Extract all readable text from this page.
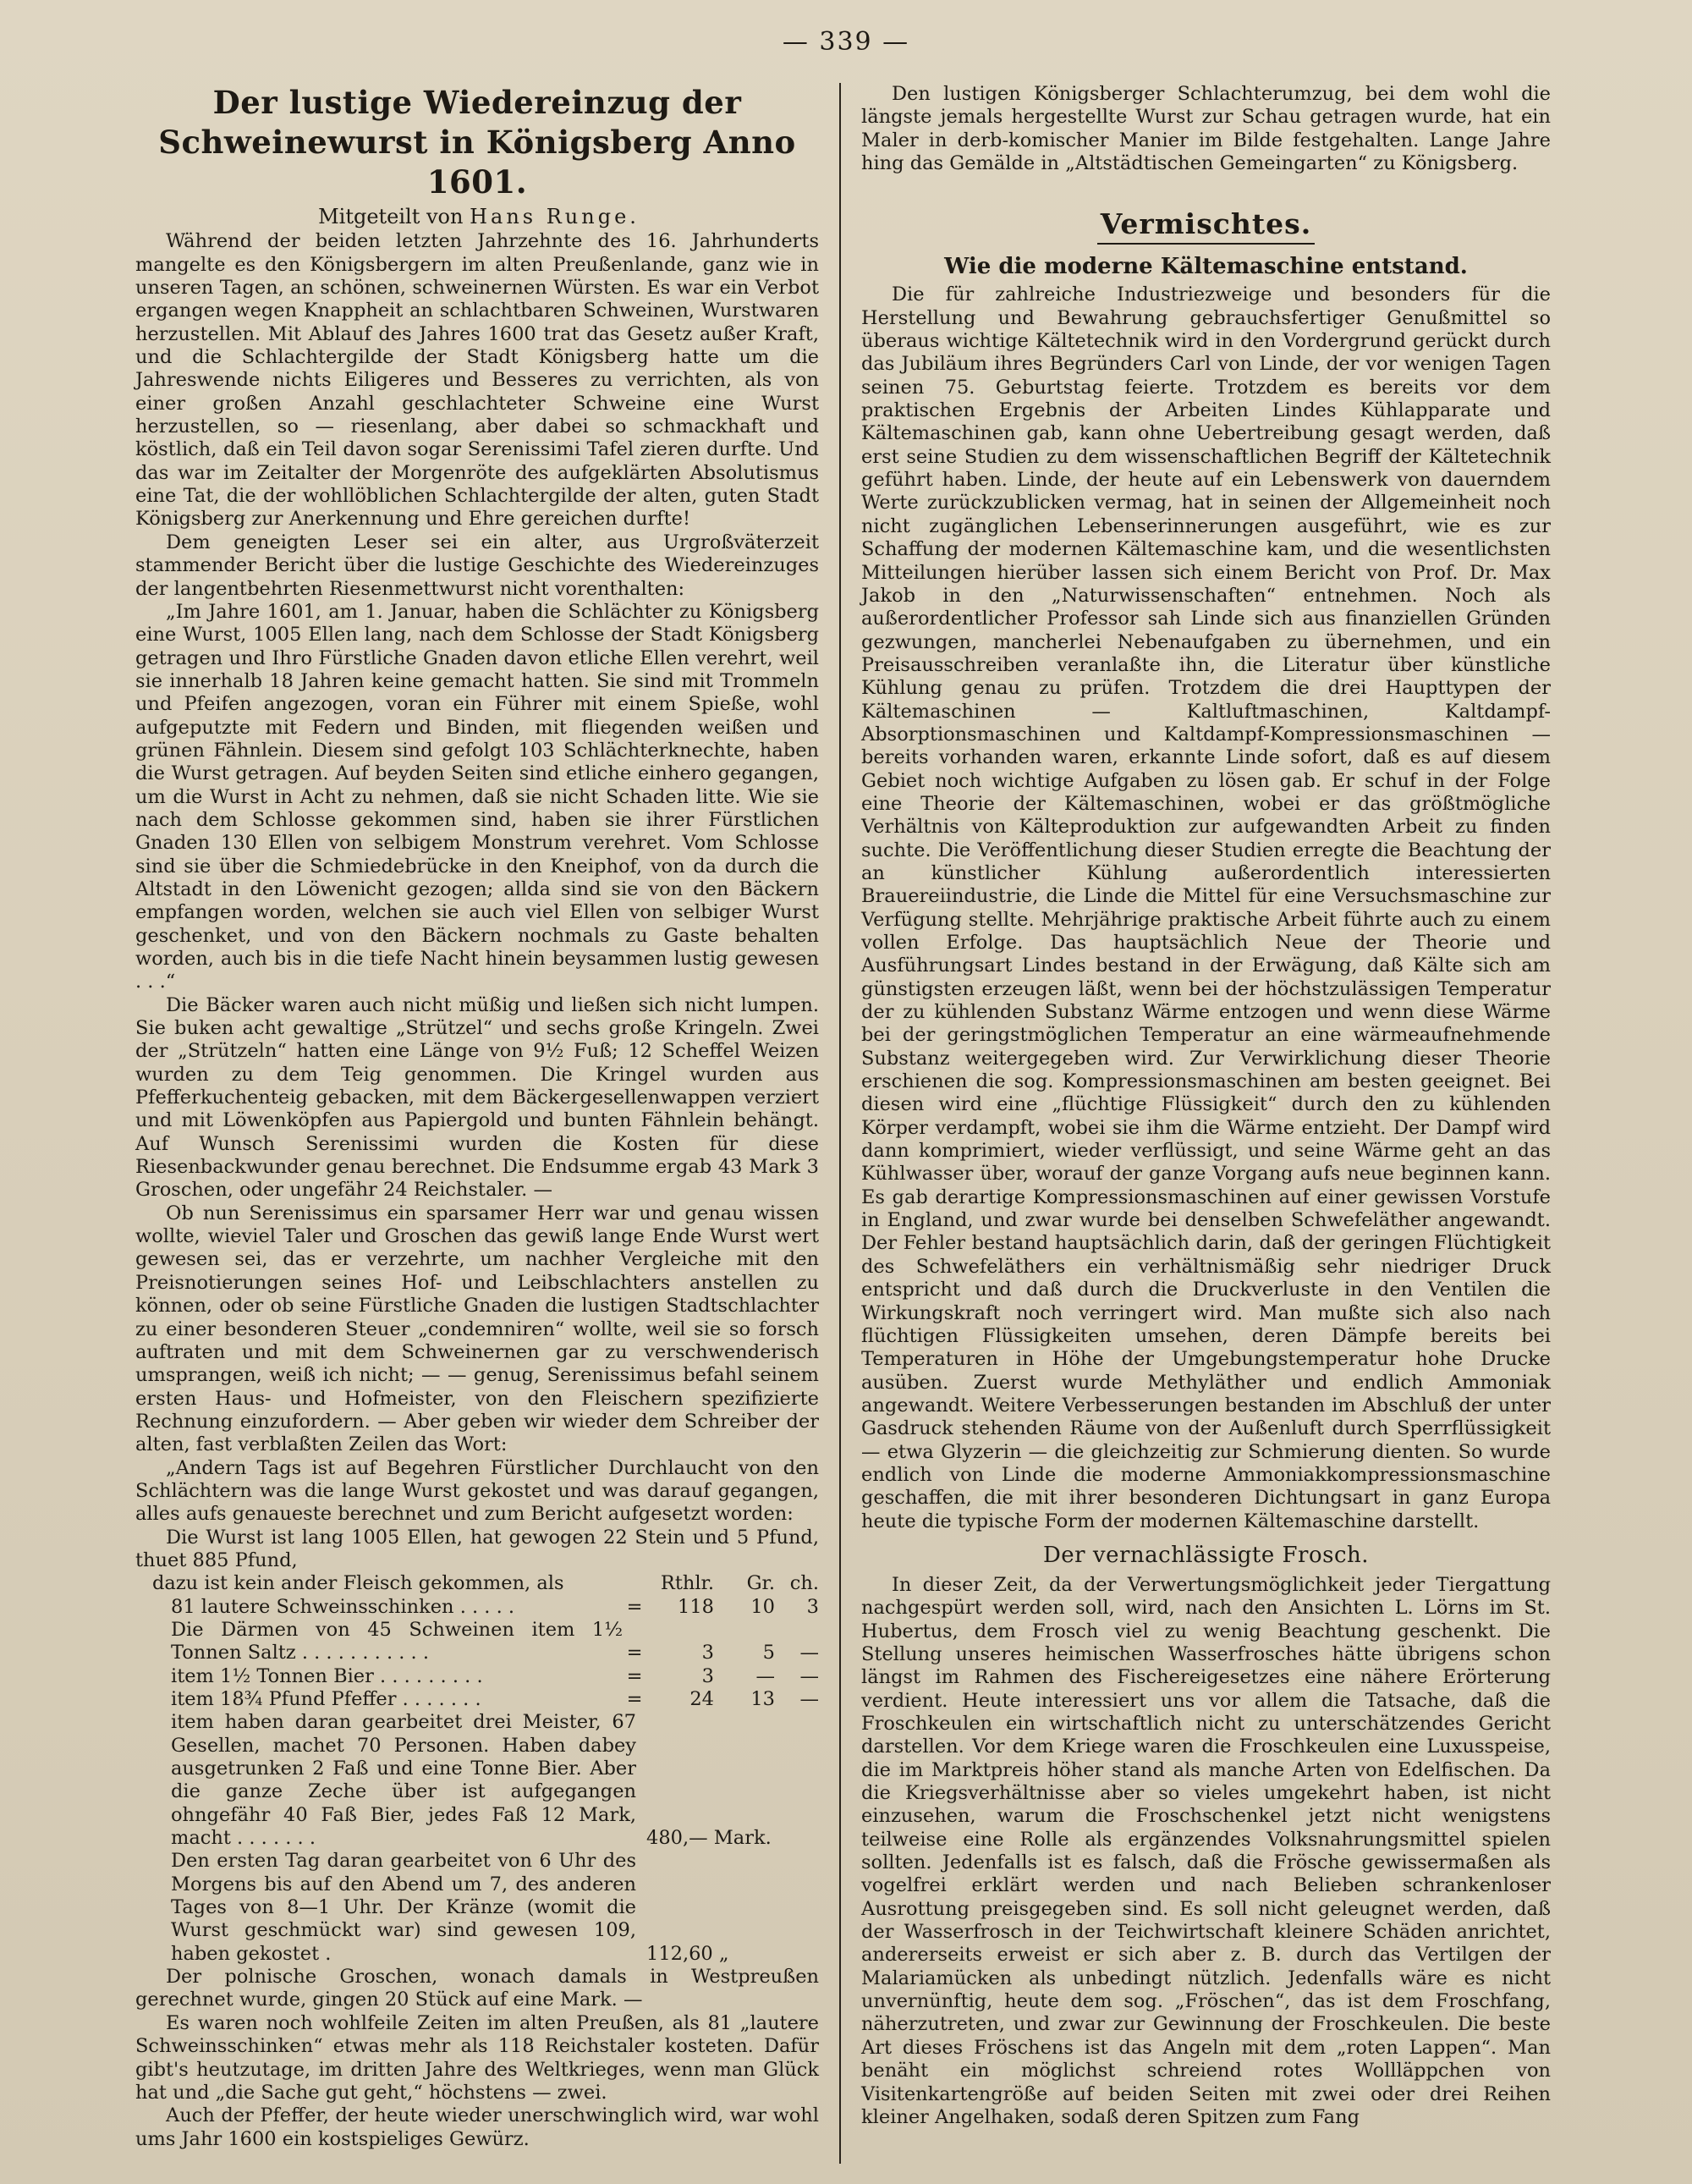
— 339 —
Der lustige Wiedereinzug der Schweinewurst in Königsberg Anno 1601.
Mitgeteilt von Hans Runge.

Während der beiden letzten Jahrzehnte des 16. Jahrhunderts mangelte es den Königsbergern im alten Preußenlande, ganz wie in unseren Tagen, an schönen, schweinernen Würsten. Es war ein Verbot ergangen wegen Knappheit an schlachtbaren Schweinen, Wurstwaren herzustellen. Mit Ablauf des Jahres 1600 trat das Gesetz außer Kraft, und die Schlachtergilde der Stadt Königsberg hatte um die Jahreswende nichts Eiligeres und Besseres zu verrichten, als von einer großen Anzahl geschlachteter Schweine eine Wurst herzustellen, so — riesenlang, aber dabei so schmackhaft und köstlich, daß ein Teil davon sogar Serenissimi Tafel zieren durfte. Und das war im Zeitalter der Morgenröte des aufgeklärten Absolutismus eine Tat, die der wohllöblichen Schlachtergilde der alten, guten Stadt Königsberg zur Anerkennung und Ehre gereichen durfte!

Dem geneigten Leser sei ein alter, aus Urgroßväterzeit stammender Bericht über die lustige Geschichte des Wiedereinzuges der langentbehrten Riesenmettwurst nicht vorenthalten:

„Im Jahre 1601, am 1. Januar, haben die Schlächter zu Königsberg eine Wurst, 1005 Ellen lang, nach dem Schlosse der Stadt Königsberg getragen und Ihro Fürstliche Gnaden davon etliche Ellen verehrt, weil sie innerhalb 18 Jahren keine gemacht hatten. Sie sind mit Trommeln und Pfeifen angezogen, voran ein Führer mit einem Spieße, wohl aufgeputzte mit Federn und Binden, mit fliegenden weißen und grünen Fähnlein. Diesem sind gefolgt 103 Schlächterknechte, haben die Wurst getragen. Auf beyden Seiten sind etliche einhero gegangen, um die Wurst in Acht zu nehmen, daß sie nicht Schaden litte. Wie sie nach dem Schlosse gekommen sind, haben sie ihrer Fürstlichen Gnaden 130 Ellen von selbigem Monstrum verehret. Vom Schlosse sind sie über die Schmiedebrücke in den Kneiphof, von da durch die Altstadt in den Löwenicht gezogen; allda sind sie von den Bäckern empfangen worden, welchen sie auch viel Ellen von selbiger Wurst geschenket, und von den Bäckern nochmals zu Gaste behalten worden, auch bis in die tiefe Nacht hinein beysammen lustig gewesen . . .“

Die Bäcker waren auch nicht müßig und ließen sich nicht lumpen. Sie buken acht gewaltige „Strützel“ und sechs große Kringeln. Zwei der „Strützeln“ hatten eine Länge von 9½ Fuß; 12 Scheffel Weizen wurden zu dem Teig genommen. Die Kringel wurden aus Pfefferkuchenteig gebacken, mit dem Bäckergesellenwappen verziert und mit Löwenköpfen aus Papiergold und bunten Fähnlein behängt. Auf Wunsch Serenissimi wurden die Kosten für diese Riesenbackwunder genau berechnet. Die Endsumme ergab 43 Mark 3 Groschen, oder ungefähr 24 Reichstaler. —

Ob nun Serenissimus ein sparsamer Herr war und genau wissen wollte, wieviel Taler und Groschen das gewiß lange Ende Wurst wert gewesen sei, das er verzehrte, um nachher Vergleiche mit den Preisnotierungen seines Hof- und Leibschlachters anstellen zu können, oder ob seine Fürstliche Gnaden die lustigen Stadtschlachter zu einer besonderen Steuer „condemniren“ wollte, weil sie so forsch auftraten und mit dem Schweinernen gar zu verschwenderisch umsprangen, weiß ich nicht; — — genug, Serenissimus befahl seinem ersten Haus- und Hofmeister, von den Fleischern spezifizierte Rechnung einzufordern. — Aber geben wir wieder dem Schreiber der alten, fast verblaßten Zeilen das Wort:

„Andern Tags ist auf Begehren Fürstlicher Durchlaucht von den Schlächtern was die lange Wurst gekostet und was darauf gegangen, alles aufs genaueste berechnet und zum Bericht aufgesetzt worden:

Die Wurst ist lang 1005 Ellen, hat gewogen 22 Stein und 5 Pfund, thuet 885 Pfund,

dazu ist kein ander Fleisch gekommen, als		Rthlr.	Gr.	ch.
81 lautere Schweinsschinken . . . . .	=	118	10	3
Die Därmen von 45 Schweinen item 1½ Tonnen Saltz . . . . . . . . . . .	=	3	5	—
item 1½ Tonnen Bier . . . . . . . . .	=	3	—	—
item 18¾ Pfund Pfeffer . . . . . . .	=	24	13	—
item haben daran gearbeitet drei Meister, 67 Gesellen, machet 70 Personen. Haben dabey ausgetrunken 2 Faß und eine Tonne Bier. Aber die ganze Zeche über ist aufgegangen ohngefähr 40 Faß Bier, jedes Faß 12 Mark, macht . . . . . . .		480,— Mark.		
Den ersten Tag daran gearbeitet von 6 Uhr des Morgens bis auf den Abend um 7, des anderen Tages von 8—1 Uhr. Der Kränze (womit die Wurst geschmückt war) sind gewesen 109, haben gekostet .		112,60 „		

Der polnische Groschen, wonach damals in Westpreußen gerechnet wurde, gingen 20 Stück auf eine Mark. —

Es waren noch wohlfeile Zeiten im alten Preußen, als 81 „lautere Schweinsschinken“ etwas mehr als 118 Reichstaler kosteten. Dafür gibt's heutzutage, im dritten Jahre des Weltkrieges, wenn man Glück hat und „die Sache gut geht,“ höchstens — zwei.

Auch der Pfeffer, der heute wieder unerschwinglich wird, war wohl ums Jahr 1600 ein kostspieliges Gewürz.

Den lustigen Königsberger Schlachterumzug, bei dem wohl die längste jemals hergestellte Wurst zur Schau getragen wurde, hat ein Maler in derb-komischer Manier im Bilde festgehalten. Lange Jahre hing das Gemälde in „Altstädtischen Gemeingarten“ zu Königsberg.

Vermischtes.
Wie die moderne Kältemaschine entstand.

Die für zahlreiche Industriezweige und besonders für die Herstellung und Bewahrung gebrauchsfertiger Genußmittel so überaus wichtige Kältetechnik wird in den Vordergrund gerückt durch das Jubiläum ihres Begründers Carl von Linde, der vor wenigen Tagen seinen 75. Geburtstag feierte. Trotzdem es bereits vor dem praktischen Ergebnis der Arbeiten Lindes Kühlapparate und Kältemaschinen gab, kann ohne Uebertreibung gesagt werden, daß erst seine Studien zu dem wissenschaftlichen Begriff der Kältetechnik geführt haben. Linde, der heute auf ein Lebenswerk von dauerndem Werte zurückzublicken vermag, hat in seinen der Allgemeinheit noch nicht zugänglichen Lebenserinnerungen ausgeführt, wie es zur Schaffung der modernen Kältemaschine kam, und die wesentlichsten Mitteilungen hierüber lassen sich einem Bericht von Prof. Dr. Max Jakob in den „Naturwissenschaften“ entnehmen. Noch als außerordentlicher Professor sah Linde sich aus finanziellen Gründen gezwungen, mancherlei Nebenaufgaben zu übernehmen, und ein Preisausschreiben veranlaßte ihn, die Literatur über künstliche Kühlung genau zu prüfen. Trotzdem die drei Haupttypen der Kältemaschinen — Kaltluftmaschinen, Kaltdampf-Absorptionsmaschinen und Kaltdampf-Kompressionsmaschinen — bereits vorhanden waren, erkannte Linde sofort, daß es auf diesem Gebiet noch wichtige Aufgaben zu lösen gab. Er schuf in der Folge eine Theorie der Kältemaschinen, wobei er das größtmögliche Verhältnis von Kälteproduktion zur aufgewandten Arbeit zu finden suchte. Die Veröffentlichung dieser Studien erregte die Beachtung der an künstlicher Kühlung außerordentlich interessierten Brauereiindustrie, die Linde die Mittel für eine Versuchsmaschine zur Verfügung stellte. Mehrjährige praktische Arbeit führte auch zu einem vollen Erfolge. Das hauptsächlich Neue der Theorie und Ausführungsart Lindes bestand in der Erwägung, daß Kälte sich am günstigsten erzeugen läßt, wenn bei der höchstzulässigen Temperatur der zu kühlenden Substanz Wärme entzogen und wenn diese Wärme bei der geringstmöglichen Temperatur an eine wärmeaufnehmende Substanz weitergegeben wird. Zur Verwirklichung dieser Theorie erschienen die sog. Kompressionsmaschinen am besten geeignet. Bei diesen wird eine „flüchtige Flüssigkeit“ durch den zu kühlenden Körper verdampft, wobei sie ihm die Wärme entzieht. Der Dampf wird dann komprimiert, wieder verflüssigt, und seine Wärme geht an das Kühlwasser über, worauf der ganze Vorgang aufs neue beginnen kann. Es gab derartige Kompressionsmaschinen auf einer gewissen Vorstufe in England, und zwar wurde bei denselben Schwefeläther angewandt. Der Fehler bestand hauptsächlich darin, daß der geringen Flüchtigkeit des Schwefeläthers ein verhältnismäßig sehr niedriger Druck entspricht und daß durch die Druckverluste in den Ventilen die Wirkungskraft noch verringert wird. Man mußte sich also nach flüchtigen Flüssigkeiten umsehen, deren Dämpfe bereits bei Temperaturen in Höhe der Umgebungstemperatur hohe Drucke ausüben. Zuerst wurde Methyläther und endlich Ammoniak angewandt. Weitere Verbesserungen bestanden im Abschluß der unter Gasdruck stehenden Räume von der Außenluft durch Sperrflüssigkeit — etwa Glyzerin — die gleichzeitig zur Schmierung dienten. So wurde endlich von Linde die moderne Ammoniakkompressionsmaschine geschaffen, die mit ihrer besonderen Dichtungsart in ganz Europa heute die typische Form der modernen Kältemaschine darstellt.

Der vernachlässigte Frosch.

In dieser Zeit, da der Verwertungsmöglichkeit jeder Tiergattung nachgespürt werden soll, wird, nach den Ansichten L. Lörns im St. Hubertus, dem Frosch viel zu wenig Beachtung geschenkt. Die Stellung unseres heimischen Wasserfrosches hätte übrigens schon längst im Rahmen des Fischereigesetzes eine nähere Erörterung verdient. Heute interessiert uns vor allem die Tatsache, daß die Froschkeulen ein wirtschaftlich nicht zu unterschätzendes Gericht darstellen. Vor dem Kriege waren die Froschkeulen eine Luxusspeise, die im Marktpreis höher stand als manche Arten von Edelfischen. Da die Kriegsverhältnisse aber so vieles umgekehrt haben, ist nicht einzusehen, warum die Froschschenkel jetzt nicht wenigstens teilweise eine Rolle als ergänzendes Volksnahrungsmittel spielen sollten. Jedenfalls ist es falsch, daß die Frösche gewissermaßen als vogelfrei erklärt werden und nach Belieben schrankenloser Ausrottung preisgegeben sind. Es soll nicht geleugnet werden, daß der Wasserfrosch in der Teichwirtschaft kleinere Schäden anrichtet, andererseits erweist er sich aber z. B. durch das Vertilgen der Malariamücken als unbedingt nützlich. Jedenfalls wäre es nicht unvernünftig, heute dem sog. „Fröschen“, das ist dem Froschfang, näherzutreten, und zwar zur Gewinnung der Froschkeulen. Die beste Art dieses Fröschens ist das Angeln mit dem „roten Lappen“. Man benäht ein möglichst schreiend rotes Wollläppchen von Visitenkartengröße auf beiden Seiten mit zwei oder drei Reihen kleiner Angelhaken, sodaß deren Spitzen zum Fang
